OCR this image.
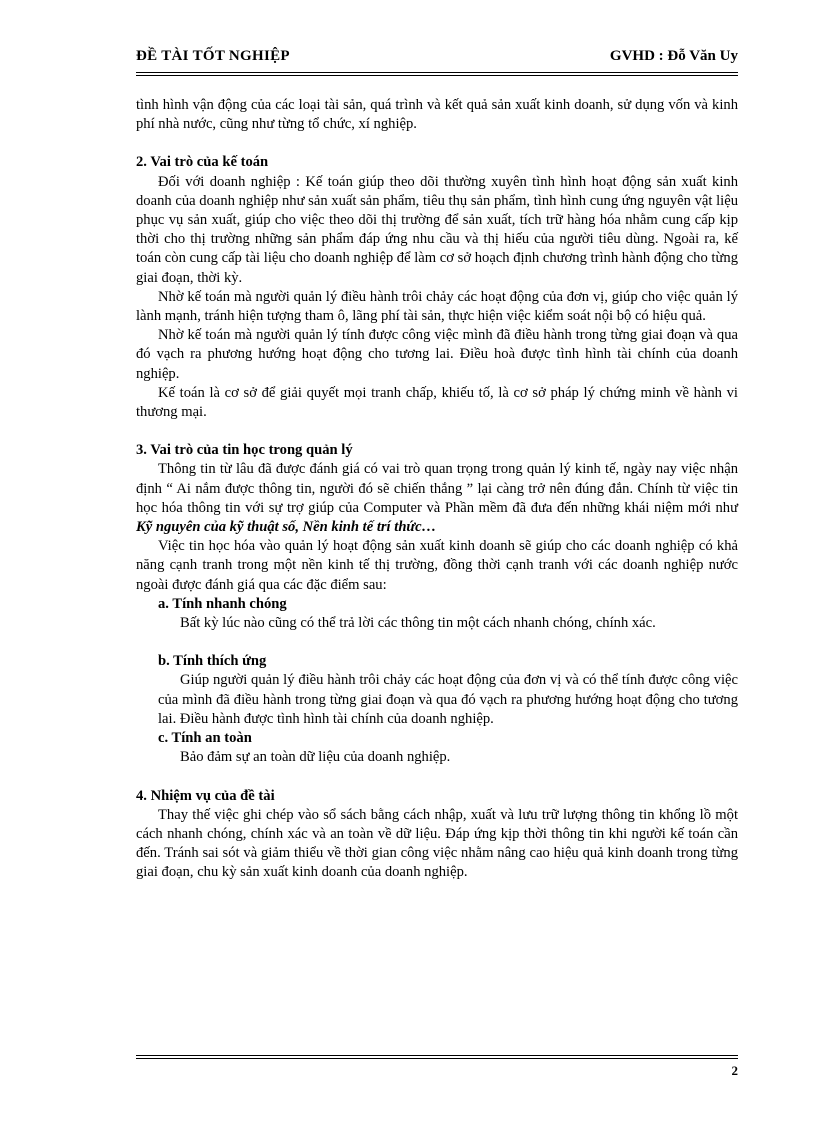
ĐỀ TÀI TỐT NGHIỆP	GVHD : Đỗ Văn Uy

tình hình vận động của các loại tài sản, quá trình và kết quả sản xuất kinh doanh, sử dụng vốn và kinh phí nhà nước, cũng như từng tổ chức, xí nghiệp.

2. Vai trò của kế toán

Đối với doanh nghiệp : Kế toán giúp theo dõi thường xuyên tình hình hoạt động sản xuất kinh doanh của doanh nghiệp như sản xuất sản phẩm, tiêu thụ sản phẩm, tình hình cung ứng nguyên vật liệu phục vụ sản xuất, giúp cho việc theo dõi thị trường để sản xuất, tích trữ hàng hóa nhằm cung cấp kịp thời cho thị trường những sản phẩm đáp ứng nhu cầu và thị hiếu của người tiêu dùng. Ngoài ra, kế toán còn cung cấp tài liệu cho doanh nghiệp để làm cơ sở hoạch định chương trình hành động cho từng giai đoạn, thời kỳ.

Nhờ kế toán mà người quản lý điều hành trôi chảy các hoạt động của đơn vị, giúp cho việc quản lý lành mạnh, tránh hiện tượng tham ô, lãng phí tài sản, thực hiện việc kiểm soát nội bộ có hiệu quả.

Nhờ kế toán mà người quản lý tính được công việc mình đã điều hành trong từng giai đoạn và qua đó vạch ra phương hướng hoạt động cho tương lai. Điều hoà được tình hình tài chính của doanh nghiệp.

Kế toán là cơ sở để giải quyết mọi tranh chấp, khiếu tố, là cơ sở pháp lý chứng minh về hành vi thương mại.

3. Vai trò của tin học trong quản lý

Thông tin từ lâu đã được đánh giá có vai trò quan trọng trong quản lý kinh tế, ngày nay việc nhận định “ Ai nắm được thông tin, người đó sẽ chiến thắng ” lại càng trở nên đúng đắn. Chính từ việc tin học hóa thông tin với sự trợ giúp của Computer và Phần mềm đã đưa đến những khái niệm mới như Kỹ nguyên của kỹ thuật số, Nền kinh tế trí thức…

Việc tin học hóa vào quản lý hoạt động sản xuất kinh doanh sẽ giúp cho các doanh nghiệp có khả năng cạnh tranh trong một nền kinh tế thị trường, đồng thời cạnh tranh với các doanh nghiệp nước ngoài được đánh giá qua các đặc điểm sau:

a. Tính nhanh chóng

Bất kỳ lúc nào cũng có thể trả lời các thông tin một cách nhanh chóng, chính xác.

b. Tính thích ứng

Giúp người quản lý điều hành trôi chảy các hoạt động của đơn vị và có thể tính được công việc của mình đã điều hành trong từng giai đoạn và qua đó vạch ra phương hướng hoạt động cho tương lai. Điều hành được tình hình tài chính của doanh nghiệp.

c. Tính an toàn

Bảo đảm sự an toàn dữ liệu của doanh nghiệp.

4. Nhiệm vụ của đề tài

Thay thế việc ghi chép vào sổ sách bằng cách nhập, xuất và lưu trữ lượng thông tin khổng lồ một cách nhanh chóng, chính xác và an toàn về dữ liệu. Đáp ứng kịp thời thông tin khi người kế toán cần đến. Tránh sai sót và giảm thiểu về thời gian công việc nhằm nâng cao hiệu quả kinh doanh trong từng giai đoạn, chu kỳ sản xuất kinh doanh của doanh nghiệp.

2
